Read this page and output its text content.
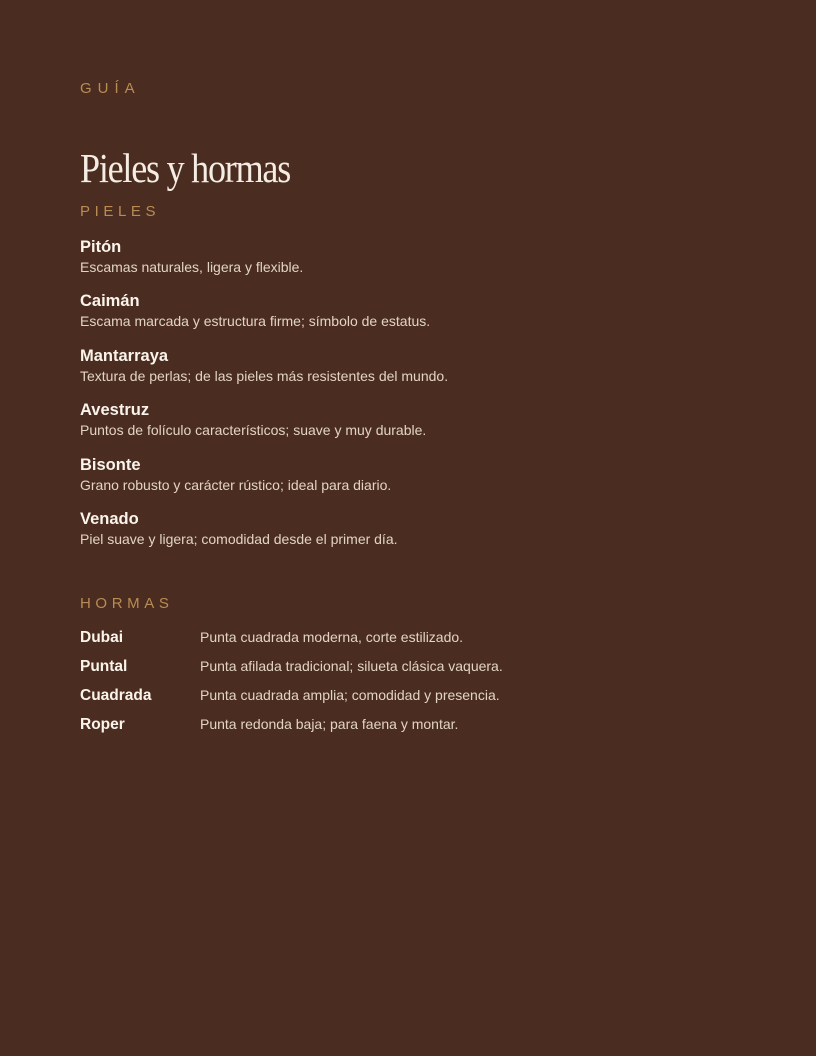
GUÍA
Pieles y hormas
PIELES
Pitón
Escamas naturales, ligera y flexible.
Caimán
Escama marcada y estructura firme; símbolo de estatus.
Mantarraya
Textura de perlas; de las pieles más resistentes del mundo.
Avestruz
Puntos de folículo característicos; suave y muy durable.
Bisonte
Grano robusto y carácter rústico; ideal para diario.
Venado
Piel suave y ligera; comodidad desde el primer día.
HORMAS
Dubai	Punta cuadrada moderna, corte estilizado.
Puntal	Punta afilada tradicional; silueta clásica vaquera.
Cuadrada	Punta cuadrada amplia; comodidad y presencia.
Roper	Punta redonda baja; para faena y montar.
